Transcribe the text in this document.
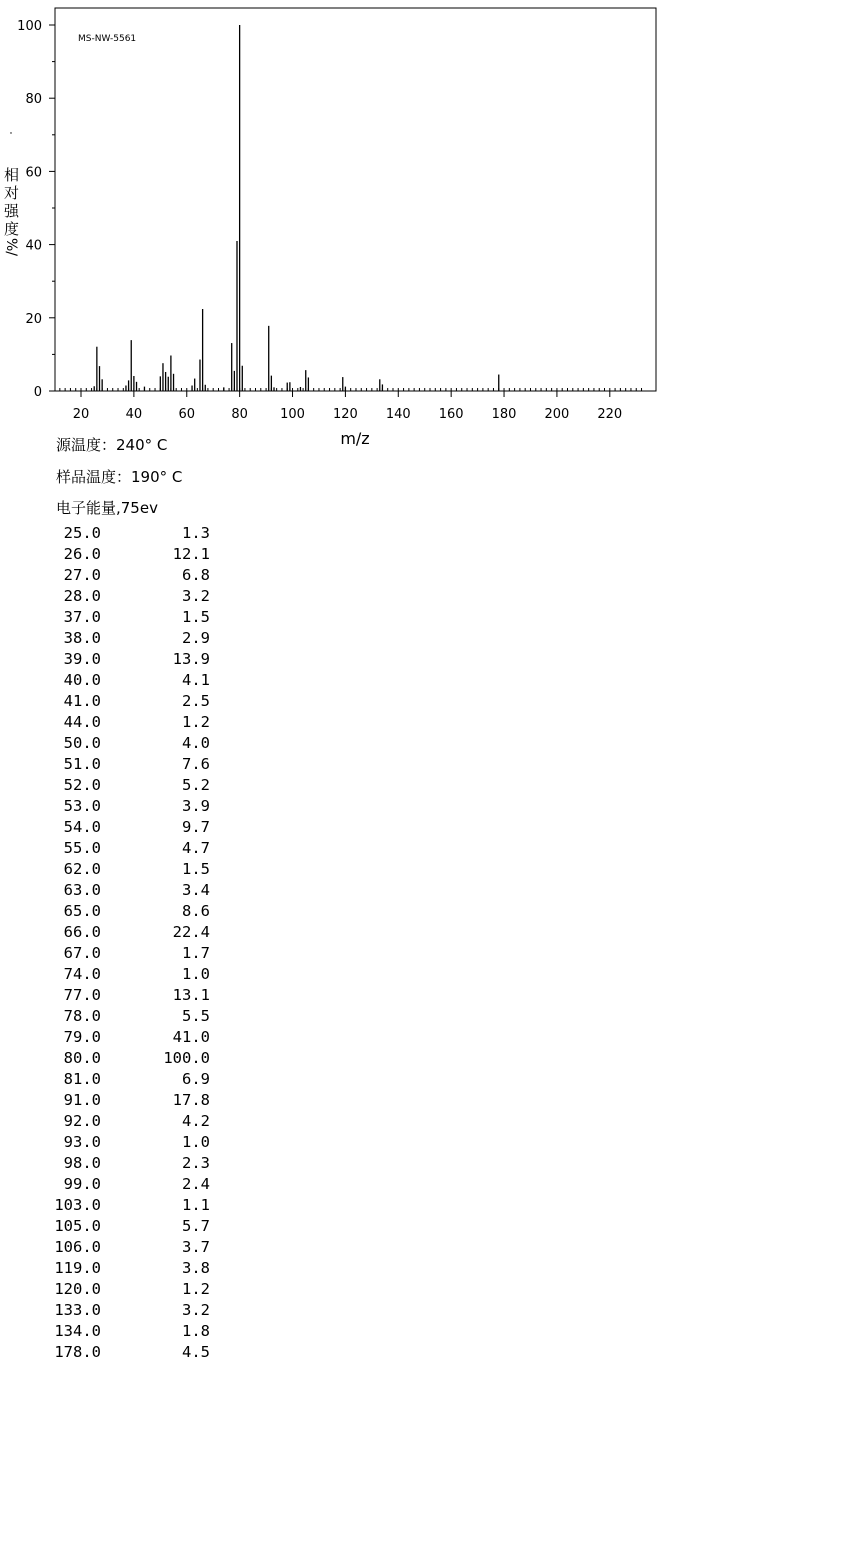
MS-NW-5561
20	40	60	80 100 120 140 160 180 200 220
0
20
40
60
80
100
m/z
相
对
强
度
%/
源温度：240° C
样品温度：190° C
电子能量,75ev
25.0	1.3
26.0	12.1
27.0	6.8
28.0	3.2
37.0	1.5
38.0	2.9
39.0	13.9
40.0	4.1
41.0	2.5
44.0	1.2
50.0	4.0
51.0	7.6
52.0	5.2
53.0	3.9
54.0	9.7
55.0	4.7
62.0	1.5
63.0	3.4
65.0	8.6
66.0	22.4
67.0	1.7
74.0	1.0
77.0	13.1
78.0	5.5
79.0	41.0
80.0	100.0
81.0	6.9
91.0	17.8
92.0	4.2
93.0	1.0
98.0	2.3
99.0	2.4
103.0	1.1
105.0	5.7
106.0	3.7
119.0	3.8
120.0	1.2
133.0	3.2
134.0	1.8
178.0	4.5
